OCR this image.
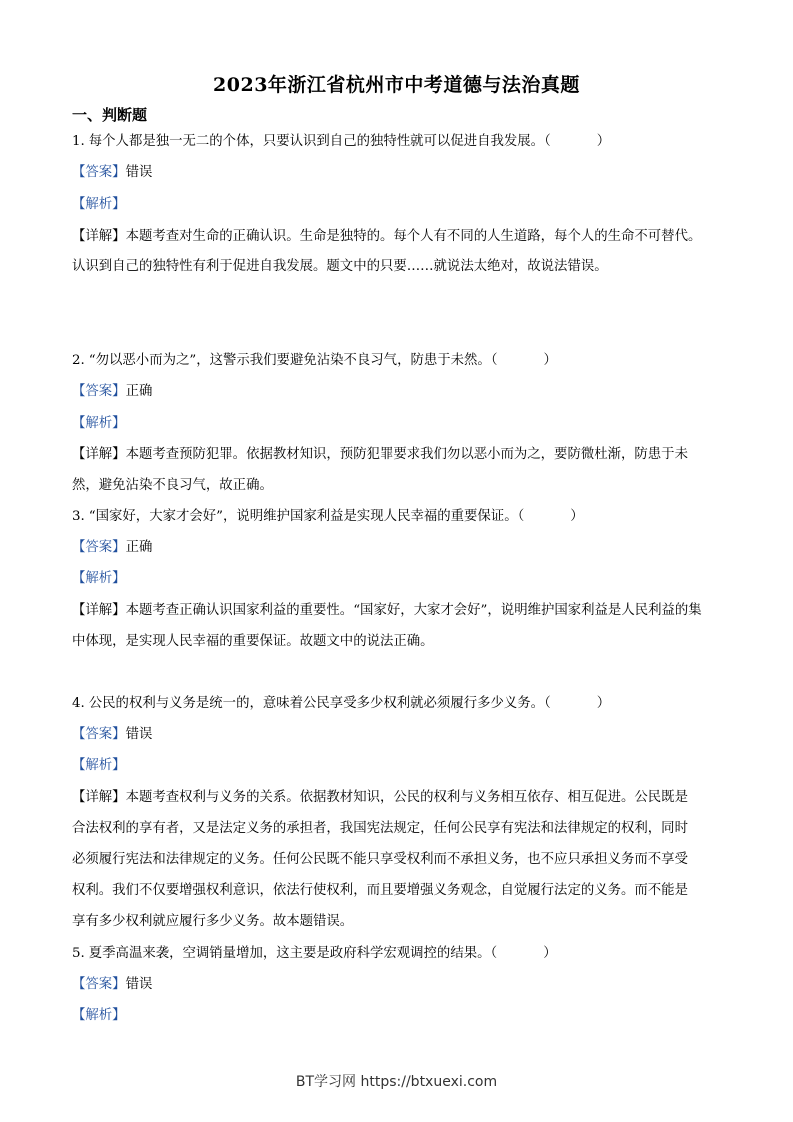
2023年浙江省杭州市中考道德与法治真题
一、判断题
1. 每个人都是独一无二的个体，只要认识到自己的独特性就可以促进自我发展。（	）
【答案】错误
【解析】
【详解】本题考查对生命的正确认识。生命是独特的。每个人有不同的人生道路，每个人的生命不可替代。
认识到自己的独特性有利于促进自我发展。题文中的只要……就说法太绝对，故说法错误。
2. “勿以恶小而为之”，这警示我们要避免沾染不良习气，防患于未然。（	）
【答案】正确
【解析】
【详解】本题考查预防犯罪。依据教材知识，预防犯罪要求我们勿以恶小而为之，要防微杜渐，防患于未
然，避免沾染不良习气，故正确。
3. “国家好，大家才会好”，说明维护国家利益是实现人民幸福的重要保证。（	）
【答案】正确
【解析】
【详解】本题考查正确认识国家利益的重要性。“国家好，大家才会好”，说明维护国家利益是人民利益的集
中体现，是实现人民幸福的重要保证。故题文中的说法正确。
4. 公民的权利与义务是统一的，意味着公民享受多少权利就必须履行多少义务。（	）
【答案】错误
【解析】
【详解】本题考查权利与义务的关系。依据教材知识，公民的权利与义务相互依存、相互促进。公民既是
合法权利的享有者，又是法定义务的承担者，我国宪法规定，任何公民享有宪法和法律规定的权利，同时
必须履行宪法和法律规定的义务。任何公民既不能只享受权利而不承担义务，也不应只承担义务而不享受
权利。我们不仅要增强权利意识，依法行使权利，而且要增强义务观念，自觉履行法定的义务。而不能是
享有多少权利就应履行多少义务。故本题错误。
5. 夏季高温来袭，空调销量增加，这主要是政府科学宏观调控的结果。（	）
【答案】错误
【解析】
BT学习网 https://btxuexi.com
